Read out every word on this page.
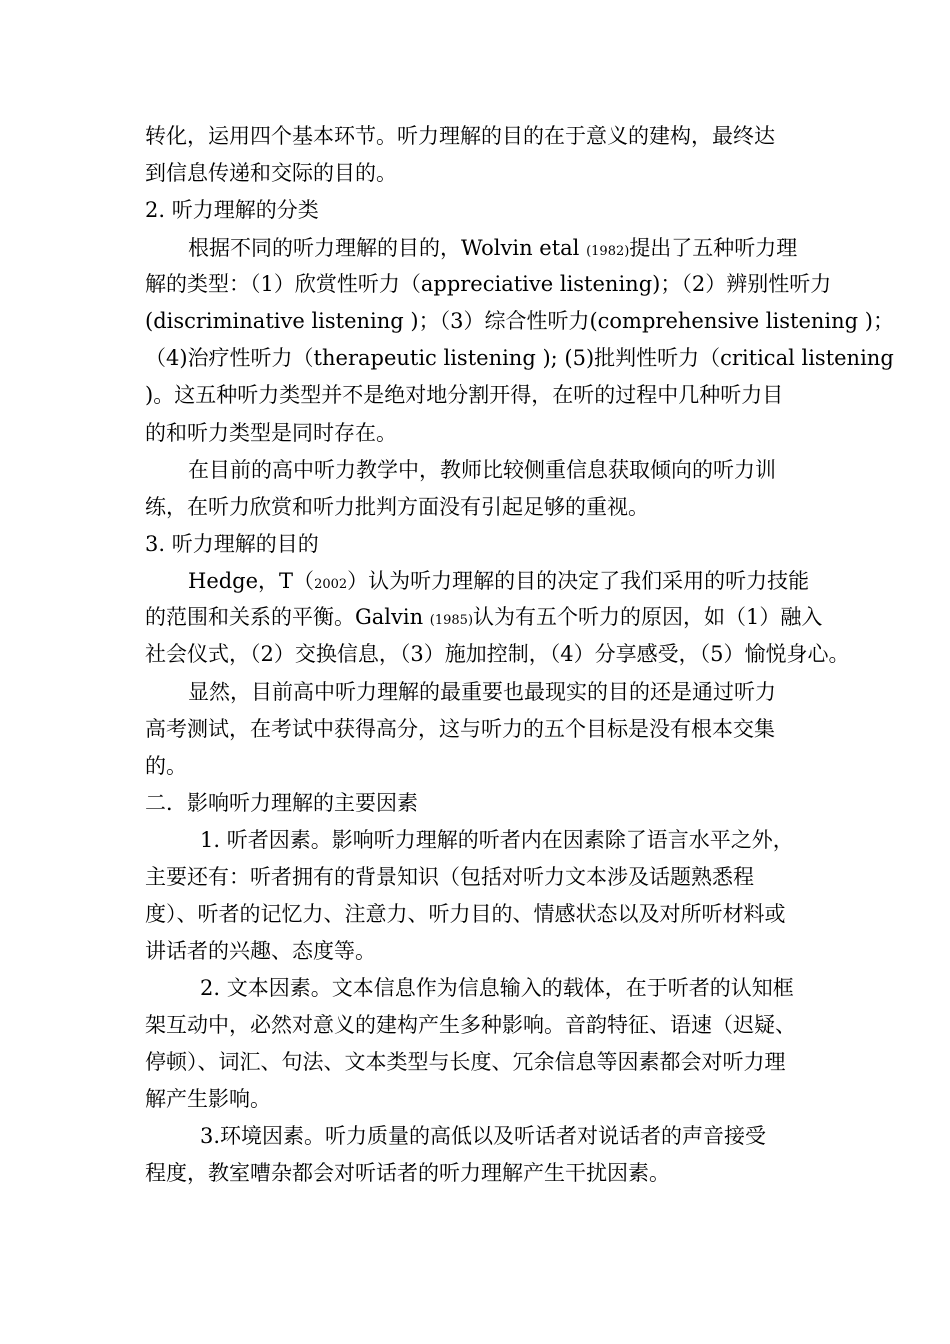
转化，运用四个基本环节。听力理解的目的在于意义的建构，最终达

到信息传递和交际的目的。

2. 听力理解的分类

根据不同的听力理解的目的，Wolvin etal (1982)提出了五种听力理

解的类型：（1）欣赏性听力（appreciative listening)；（2）辨别性听力

(discriminative listening )；（3）综合性听力(comprehensive listening )；

（4)治疗性听力（therapeutic listening ); (5)批判性听力（critical listening

)。这五种听力类型并不是绝对地分割开得，在听的过程中几种听力目

的和听力类型是同时存在。

在目前的高中听力教学中，教师比较侧重信息获取倾向的听力训

练，在听力欣赏和听力批判方面没有引起足够的重视。

3. 听力理解的目的

Hedge，T（2002）认为听力理解的目的决定了我们采用的听力技能

的范围和关系的平衡。Galvin (1985)认为有五个听力的原因，如（1）融入

社会仪式，（2）交换信息，（3）施加控制，（4）分享感受，（5）愉悦身心。

显然，目前高中听力理解的最重要也最现实的目的还是通过听力

高考测试，在考试中获得高分，这与听力的五个目标是没有根本交集

的。

二．影响听力理解的主要因素

1. 听者因素。影响听力理解的听者内在因素除了语言水平之外，

主要还有：听者拥有的背景知识（包括对听力文本涉及话题熟悉程

度）、听者的记忆力、注意力、听力目的、情感状态以及对所听材料或

讲话者的兴趣、态度等。

2. 文本因素。文本信息作为信息输入的载体，在于听者的认知框

架互动中，必然对意义的建构产生多种影响。音韵特征、语速（迟疑、

停顿）、词汇、句法、文本类型与长度、冗余信息等因素都会对听力理

解产生影响。

3.环境因素。听力质量的高低以及听话者对说话者的声音接受

程度，教室嘈杂都会对听话者的听力理解产生干扰因素。
